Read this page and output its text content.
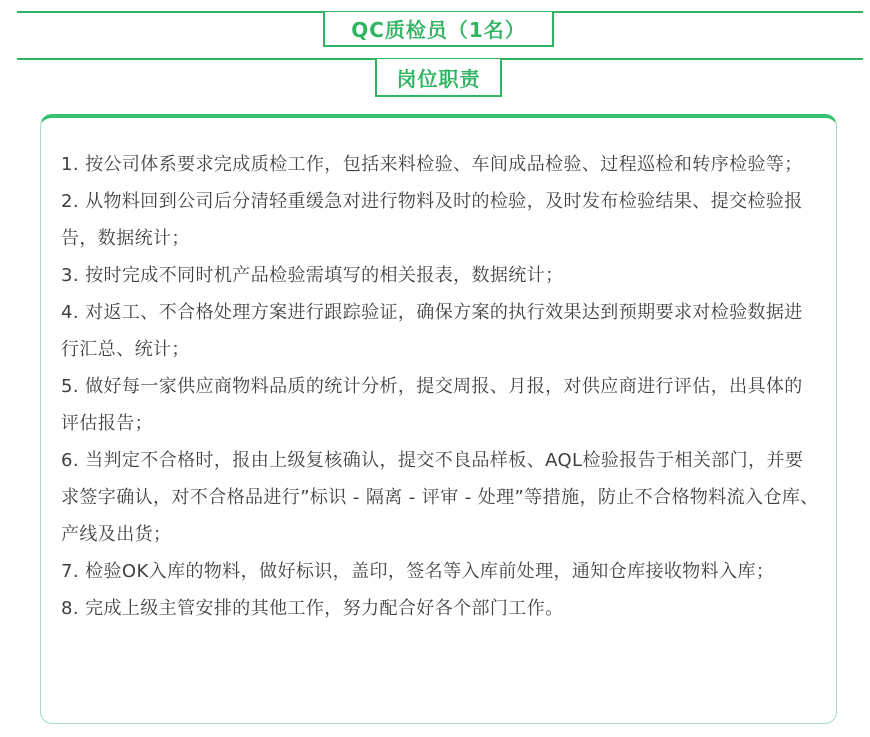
QC质检员（1名）
岗位职责
1. 按公司体系要求完成质检工作，包括来料检验、车间成品检验、过程巡检和转序检验等；
2. 从物料回到公司后分清轻重缓急对进行物料及时的检验，及时发布检验结果、提交检验报告，数据统计；
3. 按时完成不同时机产品检验需填写的相关报表，数据统计；
4. 对返工、不合格处理方案进行跟踪验证，确保方案的执行效果达到预期要求对检验数据进行汇总、统计；
5. 做好每一家供应商物料品质的统计分析，提交周报、月报，对供应商进行评估，出具体的评估报告；
6. 当判定不合格时，报由上级复核确认，提交不良品样板、AQL检验报告于相关部门，并要求签字确认，对不合格品进行”标识 - 隔离 - 评审 - 处理”等措施，防止不合格物料流入仓库、产线及出货；
7. 检验OK入库的物料，做好标识，盖印，签名等入库前处理，通知仓库接收物料入库；
8. 完成上级主管安排的其他工作，努力配合好各个部门工作。
